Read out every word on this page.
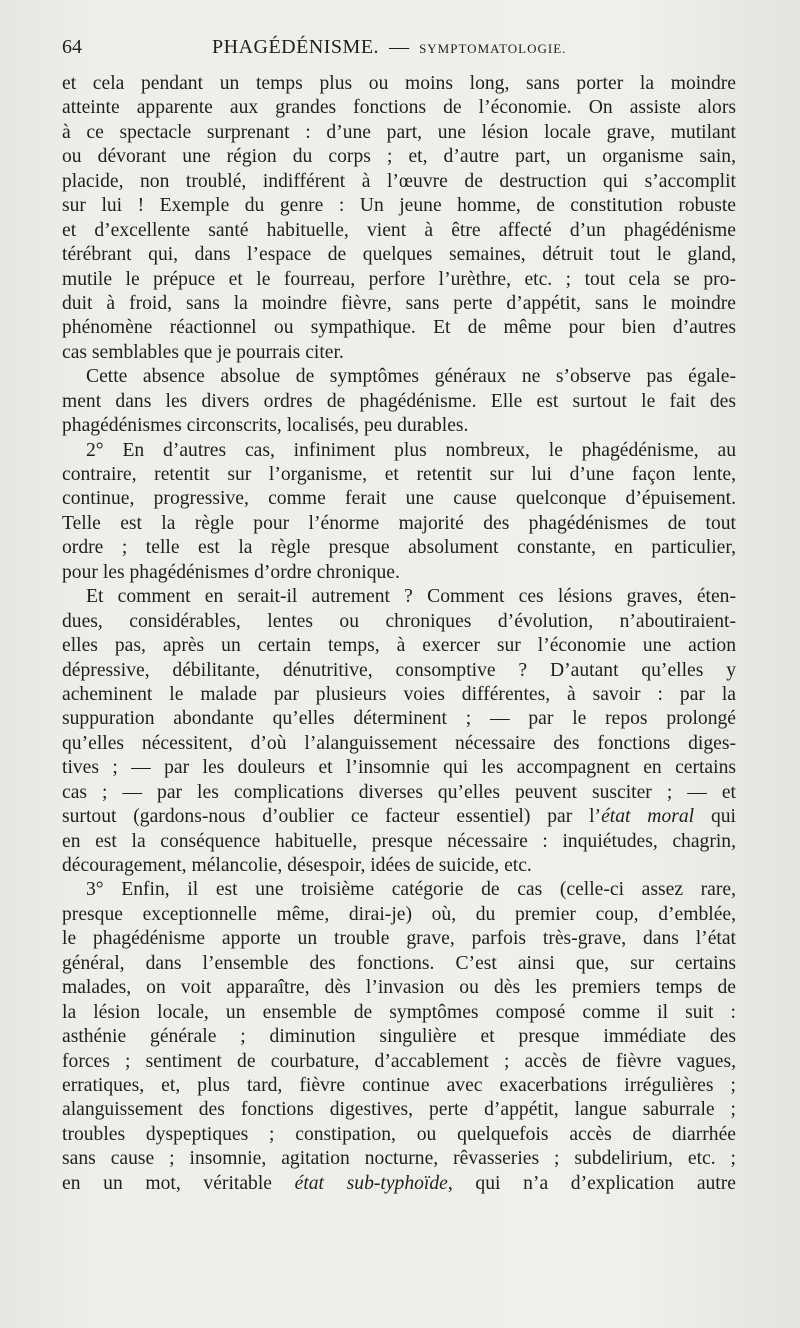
64	PHAGÉDÉNISME. — SYMPTOMATOLOGIE.

et cela pendant un temps plus ou moins long, sans porter la moindre
atteinte apparente aux grandes fonctions de l’économie. On assiste alors
à ce spectacle surprenant : d’une part, une lésion locale grave, mutilant
ou dévorant une région du corps ; et, d’autre part, un organisme sain,
placide, non troublé, indifférent à l’œuvre de destruction qui s’accomplit
sur lui ! Exemple du genre : Un jeune homme, de constitution robuste
et d’excellente santé habituelle, vient à être affecté d’un phagédénisme
térébrant qui, dans l’espace de quelques semaines, détruit tout le gland,
mutile le prépuce et le fourreau, perfore l’urèthre, etc. ; tout cela se pro-
duit à froid, sans la moindre fièvre, sans perte d’appétit, sans le moindre
phénomène réactionnel ou sympathique. Et de même pour bien d’autres
cas semblables que je pourrais citer.

Cette absence absolue de symptômes généraux ne s’observe pas égale-
ment dans les divers ordres de phagédénisme. Elle est surtout le fait des
phagédénismes circonscrits, localisés, peu durables.

2° En d’autres cas, infiniment plus nombreux, le phagédénisme, au
contraire, retentit sur l’organisme, et retentit sur lui d’une façon lente,
continue, progressive, comme ferait une cause quelconque d’épuisement.
Telle est la règle pour l’énorme majorité des phagédénismes de tout
ordre ; telle est la règle presque absolument constante, en particulier,
pour les phagédénismes d’ordre chronique.

Et comment en serait-il autrement ? Comment ces lésions graves, éten-
dues, considérables, lentes ou chroniques d’évolution, n’aboutiraient-
elles pas, après un certain temps, à exercer sur l’économie une action
dépressive, débilitante, dénutritive, consomptive ? D’autant qu’elles y
acheminent le malade par plusieurs voies différentes, à savoir : par la
suppuration abondante qu’elles déterminent ; — par le repos prolongé
qu’elles nécessitent, d’où l’alanguissement nécessaire des fonctions diges-
tives ; — par les douleurs et l’insomnie qui les accompagnent en certains
cas ; — par les complications diverses qu’elles peuvent susciter ; — et
surtout (gardons-nous d’oublier ce facteur essentiel) par l’état moral qui
en est la conséquence habituelle, presque nécessaire : inquiétudes, chagrin,
découragement, mélancolie, désespoir, idées de suicide, etc.

3° Enfin, il est une troisième catégorie de cas (celle-ci assez rare,
presque exceptionnelle même, dirai-je) où, du premier coup, d’emblée,
le phagédénisme apporte un trouble grave, parfois très-grave, dans l’état
général, dans l’ensemble des fonctions. C’est ainsi que, sur certains
malades, on voit apparaître, dès l’invasion ou dès les premiers temps de
la lésion locale, un ensemble de symptômes composé comme il suit :
asthénie générale ; diminution singulière et presque immédiate des
forces ; sentiment de courbature, d’accablement ; accès de fièvre vagues,
erratiques, et, plus tard, fièvre continue avec exacerbations irrégulières ;
alanguissement des fonctions digestives, perte d’appétit, langue saburrale ;
troubles dyspeptiques ; constipation, ou quelquefois accès de diarrhée
sans cause ; insomnie, agitation nocturne, rêvasseries ; subdelirium, etc. ;
en un mot, véritable état sub-typhoïde, qui n’a d’explication autre
